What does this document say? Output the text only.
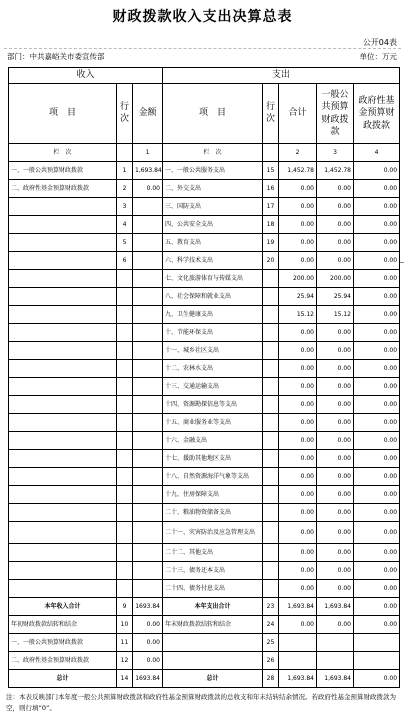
财政拨款收入支出决算总表
公开04表
部门：中共嘉峪关市委宣传部	单位：万元
收入			支出				
项　目	行次	金额	项　目	行次	合计	一般公共预算财政拨款	政府性基金预算财政拨款
栏　次		1	栏　次		2	3	4
一、一般公共预算财政拨款	1	1,693.84	一、一般公共服务支出	15	1,452.78	1,452.78	0.00
二、政府性基金预算财政拨款	2	0.00	二、外交支出	16	0.00	0.00	0.00
	3		三、国防支出	17	0.00	0.00	0.00
	4		四、公共安全支出	18	0.00	0.00	0.00
	5		五、教育支出	19	0.00	0.00	0.00
	6		六、科学技术支出	20	0.00	0.00	0.00
			七、文化旅游体育与传媒支出		200.00	200.00	0.00
			八、社会保障和就业支出		25.94	25.94	0.00
			九、卫生健康支出		15.12	15.12	0.00
			十、节能环保支出		0.00	0.00	0.00
			十一、城乡社区支出		0.00	0.00	0.00
			十二、农林水支出		0.00	0.00	0.00
			十三、交通运输支出		0.00	0.00	0.00
			十四、资源勘探信息等支出		0.00	0.00	0.00
			十五、商业服务业等支出		0.00	0.00	0.00
			十六、金融支出		0.00	0.00	0.00
			十七、援助其他地区支出		0.00	0.00	0.00
			十八、自然资源海洋气象等支出		0.00	0.00	0.00
			十九、住房保障支出		0.00	0.00	0.00
			二十、粮油物资储备支出		0.00	0.00	0.00
			二十一、灾害防治及应急管理支出		0.00	0.00	0.00
			二十二、其他支出		0.00	0.00	0.00
			二十三、债务还本支出		0.00	0.00	0.00
			二十四、债务付息支出		0.00	0.00	0.00
本年收入合计	9	1693.84	本年支出合计	23	1,693.84	1,693.84	0.00
年初财政拨款结转和结余	10	0.00	年末财政拨款结转和结余	24	0.00	0.00	0.00
一、一般公共预算财政拨款	11	0.00		25			
二、政府性基金预算财政拨款	12	0.00		26			
总计	14	1693.84	总计	28	1,693.84	1,693.84	0.00
注：本表反映部门本年度一般公共预算财政拨款和政府性基金预算财政拨款的总收支和年末结转结余情况。若政府性基金预算财政拨款为空，则行填“0”。
